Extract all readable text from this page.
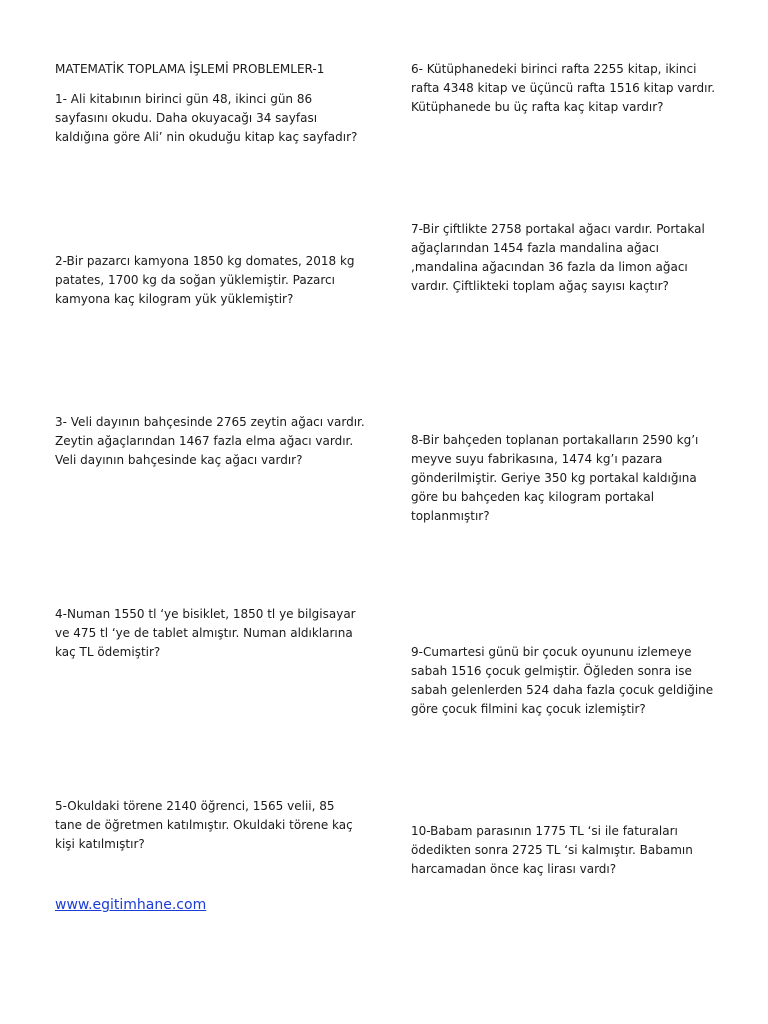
MATEMATİK TOPLAMA İŞLEMİ PROBLEMLER-1

1- Ali kitabının birinci gün 48, ikinci gün 86 sayfasını okudu. Daha okuyacağı 34 sayfası kaldığına göre Ali’ nin okuduğu kitap kaç sayfadır?

2-Bir pazarcı kamyona 1850 kg domates, 2018 kg patates, 1700 kg da soğan yüklemiştir. Pazarcı kamyona kaç kilogram yük yüklemiştir?

3- Veli dayının bahçesinde 2765 zeytin ağacı vardır. Zeytin ağaçlarından 1467 fazla elma ağacı vardır. Veli dayının bahçesinde kaç ağacı vardır?

4-Numan 1550 tl ‘ye bisiklet, 1850 tl ye bilgisayar ve 475 tl ‘ye de tablet almıştır. Numan aldıklarına kaç TL ödemiştir?

5-Okuldaki törene 2140 öğrenci, 1565 velii, 85 tane de öğretmen katılmıştır. Okuldaki törene kaç kişi katılmıştır?

6- Kütüphanedeki birinci rafta 2255 kitap, ikinci rafta 4348 kitap ve üçüncü rafta 1516 kitap vardır. Kütüphanede bu üç rafta kaç kitap vardır?

7-Bir çiftlikte 2758 portakal ağacı vardır. Portakal ağaçlarından 1454 fazla mandalina ağacı ,mandalina ağacından 36 fazla da limon ağacı vardır. Çiftlikteki toplam ağaç sayısı kaçtır?

8-Bir bahçeden toplanan portakalların 2590 kg’ı meyve suyu fabrikasına, 1474 kg’ı pazara gönderilmiştir. Geriye 350 kg portakal kaldığına göre bu bahçeden kaç kilogram portakal toplanmıştır?

9-Cumartesi günü bir çocuk oyununu izlemeye sabah 1516 çocuk gelmiştir. Öğleden sonra ise sabah gelenlerden 524 daha fazla çocuk geldiğine göre çocuk filmini kaç çocuk izlemiştir?

10-Babam parasının 1775 TL ‘si ile faturaları ödedikten sonra 2725 TL ‘si kalmıştır. Babamın harcamadan önce kaç lirası vardı?

www.egitimhane.com
